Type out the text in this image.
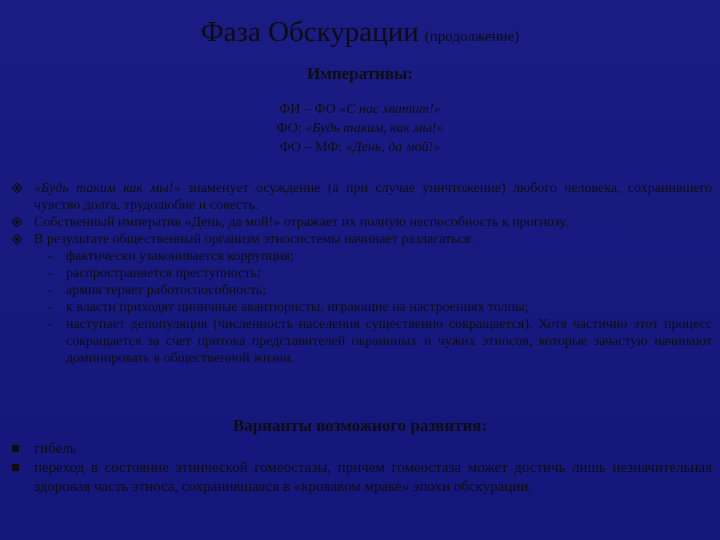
Фаза Обскурации (продолжение)
Императивы:
ФИ – ФО «С нас хватит!»
ФО: «Будь таким, как мы!»
ФО – МФ: «День, да мой!»
«Будь таким как мы!» знаменует осуждение (а при случае уничтожение) любого человека, сохранившего чувство долга, трудолюбие и совесть.
Собственный императив «День, да мой!» отражает их полную неспособность к прогнозу.
В результате общественный организм этносистемы начинает разлагаться:
- фактически узаконивается коррупция;
- распространяется преступность;
- армия теряет работоспособность;
- к власти приходят циничные авантюристы, играющие на настроениях толпы;
- наступает депопуляция (численность населения существенно сокращается). Хотя частично этот процесс сокращается за счет притока представителей окраинных и чужих этносов, которые зачастую начинают доминировать в общественной жизни.
Варианты возможного развития:
гибель
переход в состояние этнической гомеостазы, причем гомеостаза может достичь лишь незначительная здоровая часть этноса, сохранившаяся в «кровавом мраке» эпохи обскурации.
